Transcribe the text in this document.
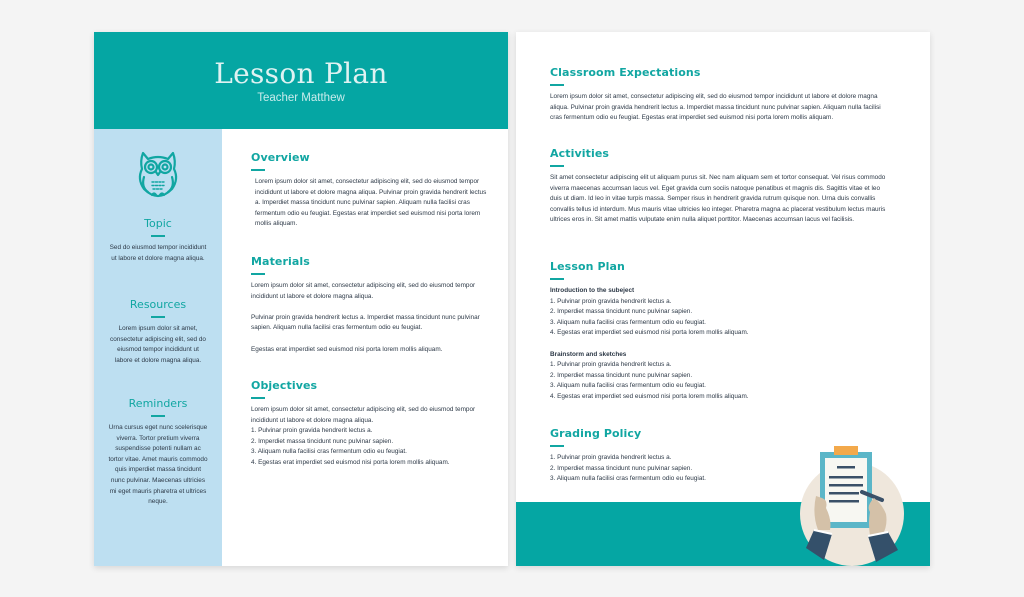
Lesson Plan
Teacher Matthew
Topic
Sed do eiusmod tempor incididunt ut labore et dolore magna aliqua.
Resources
Lorem ipsum dolor sit amet, consectetur adipiscing elit, sed do eiusmod tempor incididunt ut labore et dolore magna aliqua.
Reminders
Urna cursus eget nunc scelerisque viverra. Tortor pretium viverra suspendisse potenti nullam ac tortor vitae. Amet mauris commodo quis imperdiet massa tincidunt nunc pulvinar. Maecenas ultricies mi eget mauris pharetra et ultrices neque.
Overview
Lorem ipsum dolor sit amet, consectetur adipiscing elit, sed do eiusmod tempor incididunt ut labore et dolore magna aliqua. Pulvinar proin gravida hendrerit lectus a. Imperdiet massa tincidunt nunc pulvinar sapien. Aliquam nulla facilisi cras fermentum odio eu feugiat. Egestas erat imperdiet sed euismod nisi porta lorem mollis aliquam.
Materials
Lorem ipsum dolor sit amet, consectetur adipiscing elit, sed do eiusmod tempor incididunt ut labore et dolore magna aliqua.
Pulvinar proin gravida hendrerit lectus a. Imperdiet massa tincidunt nunc pulvinar sapien. Aliquam nulla facilisi cras fermentum odio eu feugiat.
Egestas erat imperdiet sed euismod nisi porta lorem mollis aliquam.
Objectives
Lorem ipsum dolor sit amet, consectetur adipiscing elit, sed do eiusmod tempor incididunt ut labore et dolore magna aliqua.
1. Pulvinar proin gravida hendrerit lectus a.
2. Imperdiet massa tincidunt nunc pulvinar sapien.
3. Aliquam nulla facilisi cras fermentum odio eu feugiat.
4. Egestas erat imperdiet sed euismod nisi porta lorem mollis aliquam.
Classroom Expectations
Lorem ipsum dolor sit amet, consectetur adipiscing elit, sed do eiusmod tempor incididunt ut labore et dolore magna aliqua. Pulvinar proin gravida hendrerit lectus a. Imperdiet massa tincidunt nunc pulvinar sapien. Aliquam nulla facilisi cras fermentum odio eu feugiat. Egestas erat imperdiet sed euismod nisi porta lorem mollis aliquam.
Activities
Sit amet consectetur adipiscing elit ut aliquam purus sit. Nec nam aliquam sem et tortor consequat. Vel risus commodo viverra maecenas accumsan lacus vel. Eget gravida cum sociis natoque penatibus et magnis dis. Sagittis vitae et leo duis ut diam. Id leo in vitae turpis massa. Semper risus in hendrerit gravida rutrum quisque non. Urna duis convallis convallis tellus id interdum. Mus mauris vitae ultricies leo integer. Pharetra magna ac placerat vestibulum lectus mauris ultrices eros in. Sit amet mattis vulputate enim nulla aliquet porttitor. Maecenas accumsan lacus vel facilisis.
Lesson Plan
Introduction to the subeject
1. Pulvinar proin gravida hendrerit lectus a.
2. Imperdiet massa tincidunt nunc pulvinar sapien.
3. Aliquam nulla facilisi cras fermentum odio eu feugiat.
4. Egestas erat imperdiet sed euismod nisi porta lorem mollis aliquam.
Brainstorm and sketches
1. Pulvinar proin gravida hendrerit lectus a.
2. Imperdiet massa tincidunt nunc pulvinar sapien.
3. Aliquam nulla facilisi cras fermentum odio eu feugiat.
4. Egestas erat imperdiet sed euismod nisi porta lorem mollis aliquam.
Grading Policy
1. Pulvinar proin gravida hendrerit lectus a.
2. Imperdiet massa tincidunt nunc pulvinar sapien.
3. Aliquam nulla facilisi cras fermentum odio eu feugiat.
